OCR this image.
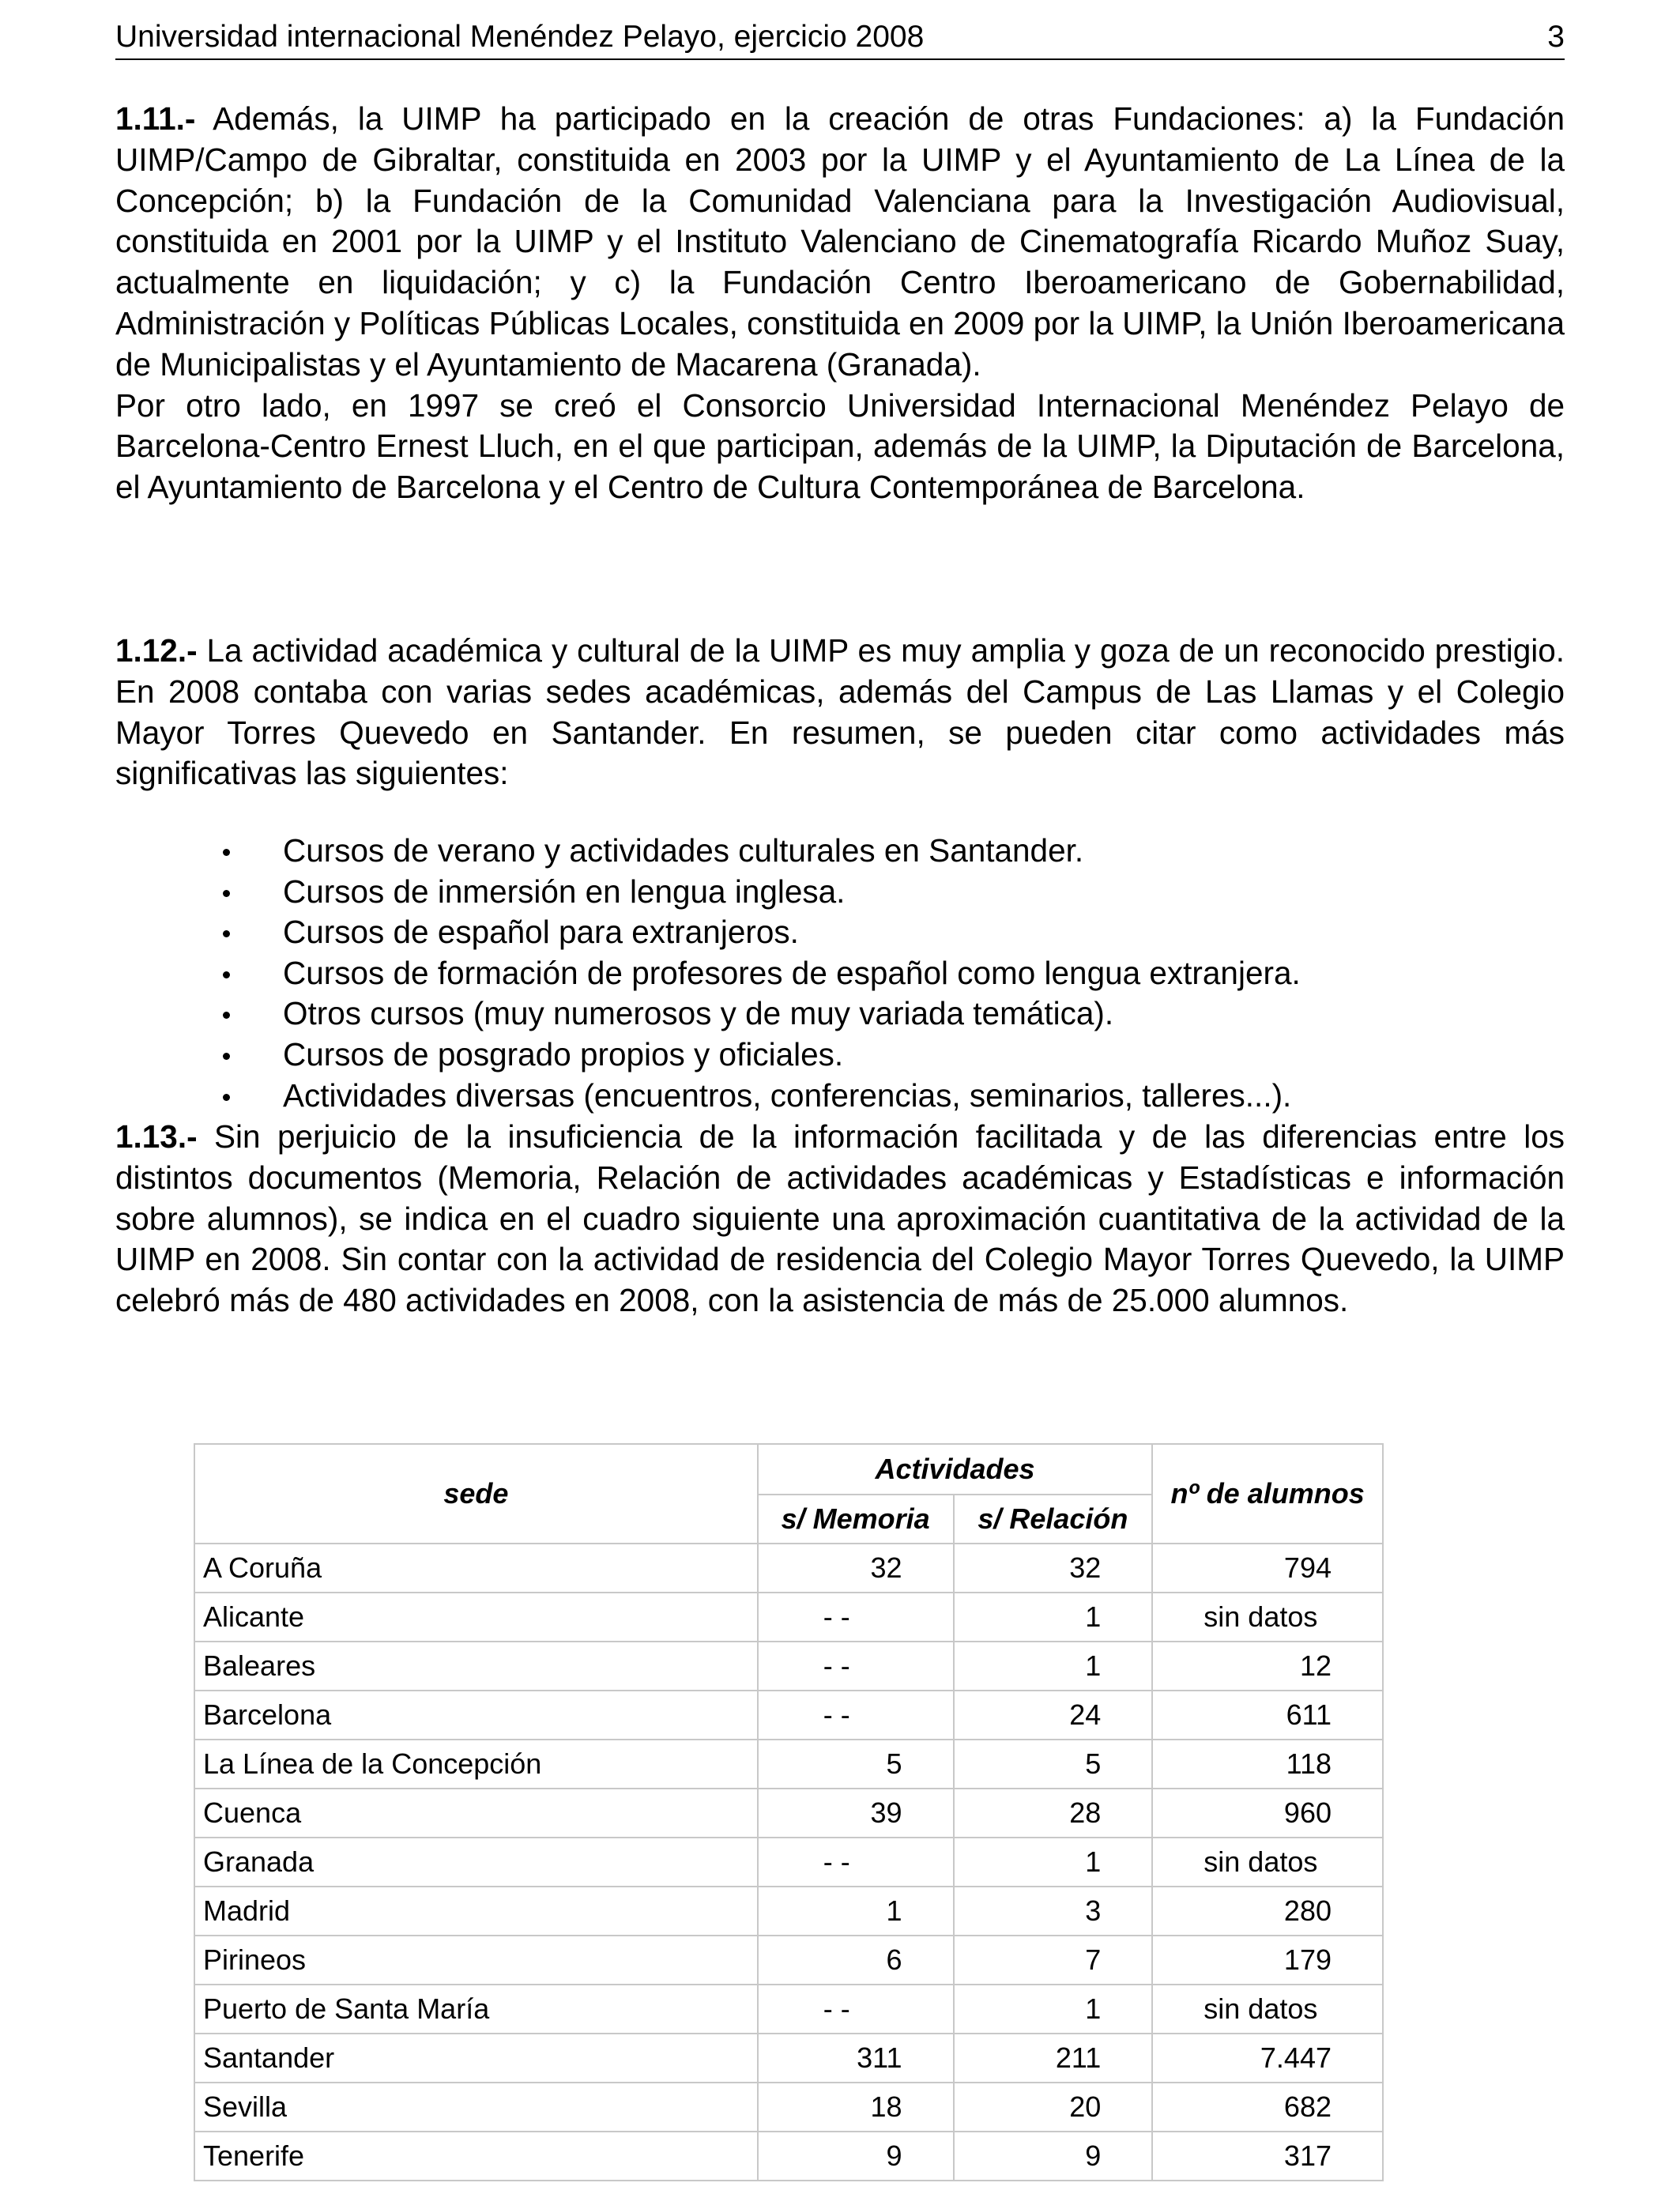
Universidad internacional Menéndez Pelayo, ejercicio 2008	3

1.11.- Además, la UIMP ha participado en la creación de otras Fundaciones: a) la Fundación UIMP/Campo de Gibraltar, constituida en 2003 por la UIMP y el Ayuntamiento de La Línea de la Concepción; b) la Fundación de la Comunidad Valenciana para la Investigación Audiovisual, constituida en 2001 por la UIMP y el Instituto Valenciano de Cinematografía Ricardo Muñoz Suay, actualmente en liquidación; y c) la Fundación Centro Iberoamericano de Gobernabilidad, Administración y Políticas Públicas Locales, constituida en 2009 por la UIMP, la Unión Iberoamericana de Municipalistas y el Ayuntamiento de Macarena (Granada).

Por otro lado, en 1997 se creó el Consorcio Universidad Internacional Menéndez Pelayo de Barcelona-Centro Ernest Lluch, en el que participan, además de la UIMP, la Diputación de Barcelona, el Ayuntamiento de Barcelona y el Centro de Cultura Contemporánea de Barcelona.

1.12.- La actividad académica y cultural de la UIMP es muy amplia y goza de un reconocido prestigio. En 2008 contaba con varias sedes académicas, además del Campus de Las Llamas y el Colegio Mayor Torres Quevedo en Santander. En resumen, se pueden citar como actividades más significativas las siguientes:

Cursos de verano y actividades culturales en Santander.
Cursos de inmersión en lengua inglesa.
Cursos de español para extranjeros.
Cursos de formación de profesores de español como lengua extranjera.
Otros cursos (muy numerosos y de muy variada temática).
Cursos de posgrado propios y oficiales.
Actividades diversas (encuentros, conferencias, seminarios, talleres...).

1.13.- Sin perjuicio de la insuficiencia de la información facilitada y de las diferencias entre los distintos documentos (Memoria, Relación de actividades académicas y Estadísticas e información sobre alumnos), se indica en el cuadro siguiente una aproximación cuantitativa de la actividad de la UIMP en 2008. Sin contar con la actividad de residencia del Colegio Mayor Torres Quevedo, la UIMP celebró más de 480 actividades en 2008, con la asistencia de más de 25.000 alumnos.

sede	Actividades		nº de alumnos
	s/ Memoria	s/ Relación	
A Coruña	32	32	794
Alicante	- -	1	sin datos
Baleares	- -	1	12
Barcelona	- -	24	611
La Línea de la Concepción	5	5	118
Cuenca	39	28	960
Granada	- -	1	sin datos
Madrid	1	3	280
Pirineos	6	7	179
Puerto de Santa María	- -	1	sin datos
Santander	311	211	7.447
Sevilla	18	20	682
Tenerife	9	9	317
